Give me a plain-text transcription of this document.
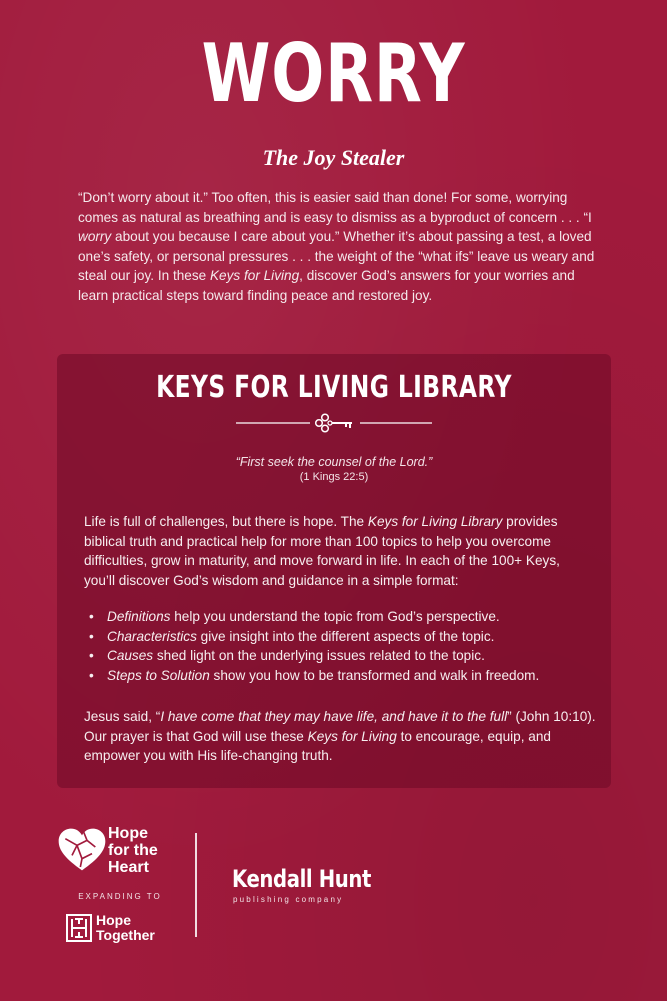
WORRY
The Joy Stealer

“Don’t worry about it.” Too often, this is easier said than done! For some, worrying comes as natural as breathing and is easy to dismiss as a byproduct of concern . . . “I worry about you because I care about you.” Whether it’s about passing a test, a loved one’s safety, or personal pressures . . . the weight of the “what ifs” leave us weary and steal our joy. In these Keys for Living, discover God’s answers for your worries and learn practical steps toward finding peace and restored joy.

KEYS FOR LIVING LIBRARY
“First seek the counsel of the Lord.”
(1 Kings 22:5)

Life is full of challenges, but there is hope. The Keys for Living Library provides biblical truth and practical help for more than 100 topics to help you overcome difficulties, grow in maturity, and move forward in life. In each of the 100+ Keys, you’ll discover God’s wisdom and guidance in a simple format:

• Definitions help you understand the topic from God’s perspective.
• Characteristics give insight into the different aspects of the topic.
• Causes shed light on the underlying issues related to the topic.
• Steps to Solution show you how to be transformed and walk in freedom.

Jesus said, “I have come that they may have life, and have it to the full” (John 10:10). Our prayer is that God will use these Keys for Living to encourage, equip, and empower you with His life-changing truth.

Hope
for the
Heart
EXPANDING TO
Hope
Together
Kendall Hunt
publishing company
